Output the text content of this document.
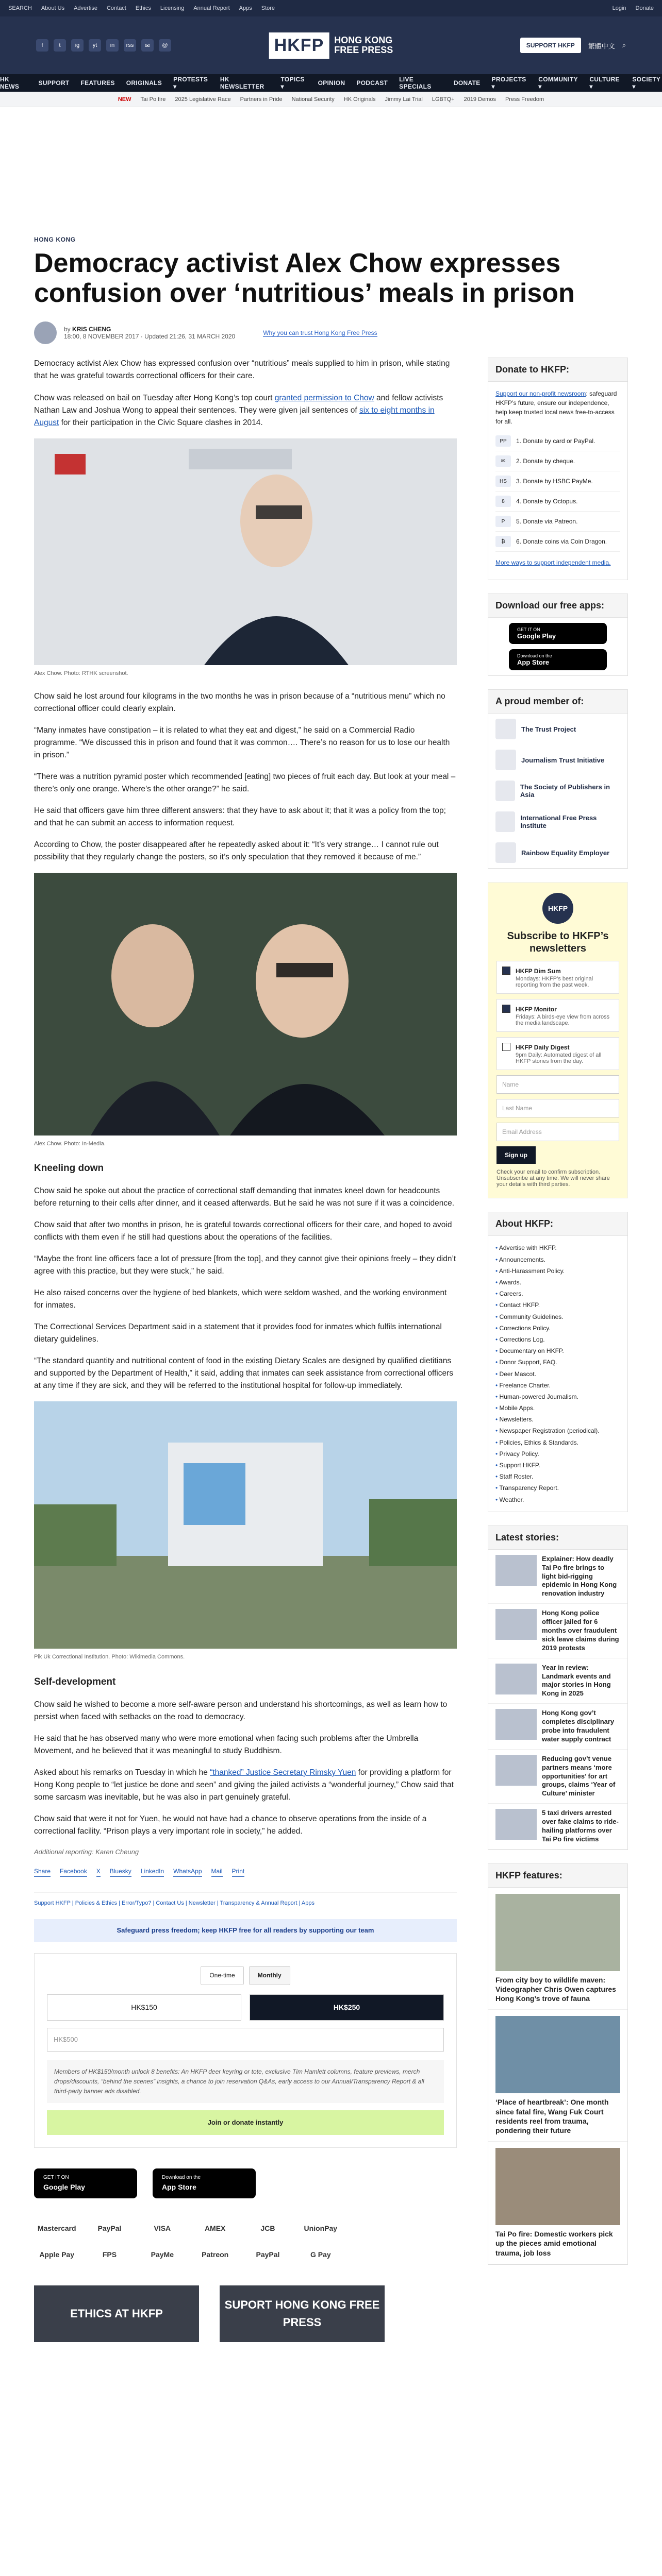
SEARCH About Us Advertise Contact Ethics Licensing Annual Report Apps Store	Login Donate
f	t	ig	yt	in	rss	✉	@	HKFP	HONG KONG
FREE PRESS	SUPPORT HKFP	繁體中文 ⌕
HK NEWS	SUPPORT FEATURES ORIGINALS PROTESTS ▾
HK NEWSLETTER
TOPICS ▾	OPINION PODCAST LIVE SPECIALS	DONATE PROJECTS ▾
COMMUNITY ▾
CULTURE ▾
SOCIETY ▾
NEW Tai Po fire 2025 Legislative Race Partners in Pride National Security HK Originals Jimmy Lai Trial LGBTQ+ 2019 Demos Press Freedom
HONG KONG
Democracy activist Alex Chow expresses confusion over ‘nutritious’ meals in prison
by KRIS CHENG
18:00, 8 NOVEMBER 2017 · Updated 21:26, 31 MARCH 2020
Why you can trust Hong Kong Free Press

Democracy activist Alex Chow has expressed confusion over “nutritious” meals supplied to him in prison, while stating that he was grateful towards correctional officers for their care.

Chow was released on bail on Tuesday after Hong Kong’s top court granted permission to Chow and fellow activists Nathan Law and Joshua Wong to appeal their sentences. They were given jail sentences of six to eight months in August for their participation in the Civic Square clashes in 2014.

Alex Chow. Photo: RTHK screenshot.

Chow said he lost around four kilograms in the two months he was in prison because of a “nutritious menu” which no correctional officer could clearly explain.

“Many inmates have constipation – it is related to what they eat and digest,” he said on a Commercial Radio programme. “We discussed this in prison and found that it was common…. There’s no reason for us to lose our health in prison.”

“There was a nutrition pyramid poster which recommended [eating] two pieces of fruit each day. But look at your meal – there’s only one orange. Where’s the other orange?” he said.

He said that officers gave him three different answers: that they have to ask about it; that it was a policy from the top; and that he can submit an access to information request.

According to Chow, the poster disappeared after he repeatedly asked about it: “It’s very strange… I cannot rule out possibility that they regularly change the posters, so it’s only speculation that they removed it because of me.”

Alex Chow. Photo: In-Media.
Kneeling down

Chow said he spoke out about the practice of correctional staff demanding that inmates kneel down for headcounts before returning to their cells after dinner, and it ceased afterwards. But he said he was not sure if it was a coincidence.

Chow said that after two months in prison, he is grateful towards correctional officers for their care, and hoped to avoid conflicts with them even if he still had questions about the operations of the facilities.

“Maybe the front line officers face a lot of pressure [from the top], and they cannot give their opinions freely – they didn’t agree with this practice, but they were stuck,” he said.

He also raised concerns over the hygiene of bed blankets, which were seldom washed, and the working environment for inmates.

The Correctional Services Department said in a statement that it provides food for inmates which fulfils international dietary guidelines.

“The standard quantity and nutritional content of food in the existing Dietary Scales are designed by qualified dietitians and supported by the Department of Health,” it said, adding that inmates can seek assistance from correctional officers at any time if they are sick, and they will be referred to the institutional hospital for follow-up immediately.

Pik Uk Correctional Institution. Photo: Wikimedia Commons.
Self-development

Chow said he wished to become a more self-aware person and understand his shortcomings, as well as learn how to persist when faced with setbacks on the road to democracy.

He said that he has observed many who were more emotional when facing such problems after the Umbrella Movement, and he believed that it was meaningful to study Buddhism.

Asked about his remarks on Tuesday in which he “thanked” Justice Secretary Rimsky Yuen for providing a platform for Hong Kong people to “let justice be done and seen” and giving the jailed activists a “wonderful journey,” Chow said that some sarcasm was inevitable, but he was also in part genuinely grateful.

Chow said that were it not for Yuen, he would not have had a chance to observe operations from the inside of a correctional facility. “Prison plays a very important role in society,” he added.

Additional reporting: Karen Cheung
Share Facebook X Bluesky LinkedIn WhatsApp Mail Print
Support HKFP | Policies & Ethics | Error/Typo? | Contact Us | Newsletter | Transparency & Annual Report | Apps
Safeguard press freedom; keep HKFP free for all readers by supporting our team
One-time	Monthly
HK$150	HK$250
HK$500
Members of HK$150/month unlock 8 benefits: An HKFP deer keyring or tote, exclusive Tim Hamlett columns, feature previews, merch drops/discounts, “behind the scenes” insights, a chance to join reservation Q&As, early access to our Annual/Transparency Report & all third-party banner ads disabled.
Join or donate instantly
GET IT ON
Google Play
Download on the
App Store
Mastercard	PayPal	VISA	AMEX	JCB	UnionPay
Apple Pay	FPS	PayMe	Patreon	PayPal	G Pay
ETHICS AT HKFP
SUPORT HONG KONG FREE PRESS
Donate to HKFP:

Support our non-profit newsroom: safeguard HKFP’s future, ensure our independence, help keep trusted local news free-to-access for all.

PP	1. Donate by card or PayPal.
✉	2. Donate by cheque.
HS	3. Donate by HSBC PayMe.
8	4. Donate by Octopus.
P	5. Donate via Patreon.
₿	6. Donate coins via Coin Dragon.

More ways to support independent media.

Download our free apps:
GET IT ON
Google Play
Download on the
App Store
A proud member of:
The Trust Project
Journalism Trust Initiative
The Society of Publishers in Asia
International Free Press Institute
Rainbow Equality Employer
HKFP
Subscribe to HKFP’s newsletters
HKFP Dim Sum
Mondays: HKFP’s best original reporting from the past week.
HKFP Monitor
Fridays: A birds-eye view from across the media landscape.
HKFP Daily Digest
9pm Daily: Automated digest of all HKFP stories from the day.
Name
Last Name
Email Address
Sign up
Check your email to confirm subscription. Unsubscribe at any time. We will never share your details with third parties.
About HKFP:
• Advertise with HKFP.
• Announcements.
• Anti-Harassment Policy.
• Awards.
• Careers.
• Contact HKFP.
• Community Guidelines.
• Corrections Policy.
• Corrections Log.
• Documentary on HKFP.
• Donor Support, FAQ.
• Deer Mascot.
• Freelance Charter.
• Human-powered Journalism.
• Mobile Apps.
• Newsletters.
• Newspaper Registration (periodical).
• Policies, Ethics & Standards.
• Privacy Policy.
• Support HKFP.
• Staff Roster.
• Transparency Report.
• Weather.
Latest stories:
Explainer: How deadly Tai Po fire brings to light bid-rigging epidemic in Hong Kong renovation industry
Hong Kong police officer jailed for 6 months over fraudulent sick leave claims during 2019 protests
Year in review: Landmark events and major stories in Hong Kong in 2025
Hong Kong gov’t completes disciplinary probe into fraudulent water supply contract
Reducing gov’t venue partners means ‘more opportunities’ for art groups, claims ‘Year of Culture’ minister
5 taxi drivers arrested over fake claims to ride-hailing platforms over Tai Po fire victims
HKFP features:
From city boy to wildlife maven: Videographer Chris Owen captures Hong Kong’s trove of fauna
‘Place of heartbreak’: One month since fatal fire, Wang Fuk Court residents reel from trauma, pondering their future
Tai Po fire: Domestic workers pick up the pieces amid emotional trauma, job loss
